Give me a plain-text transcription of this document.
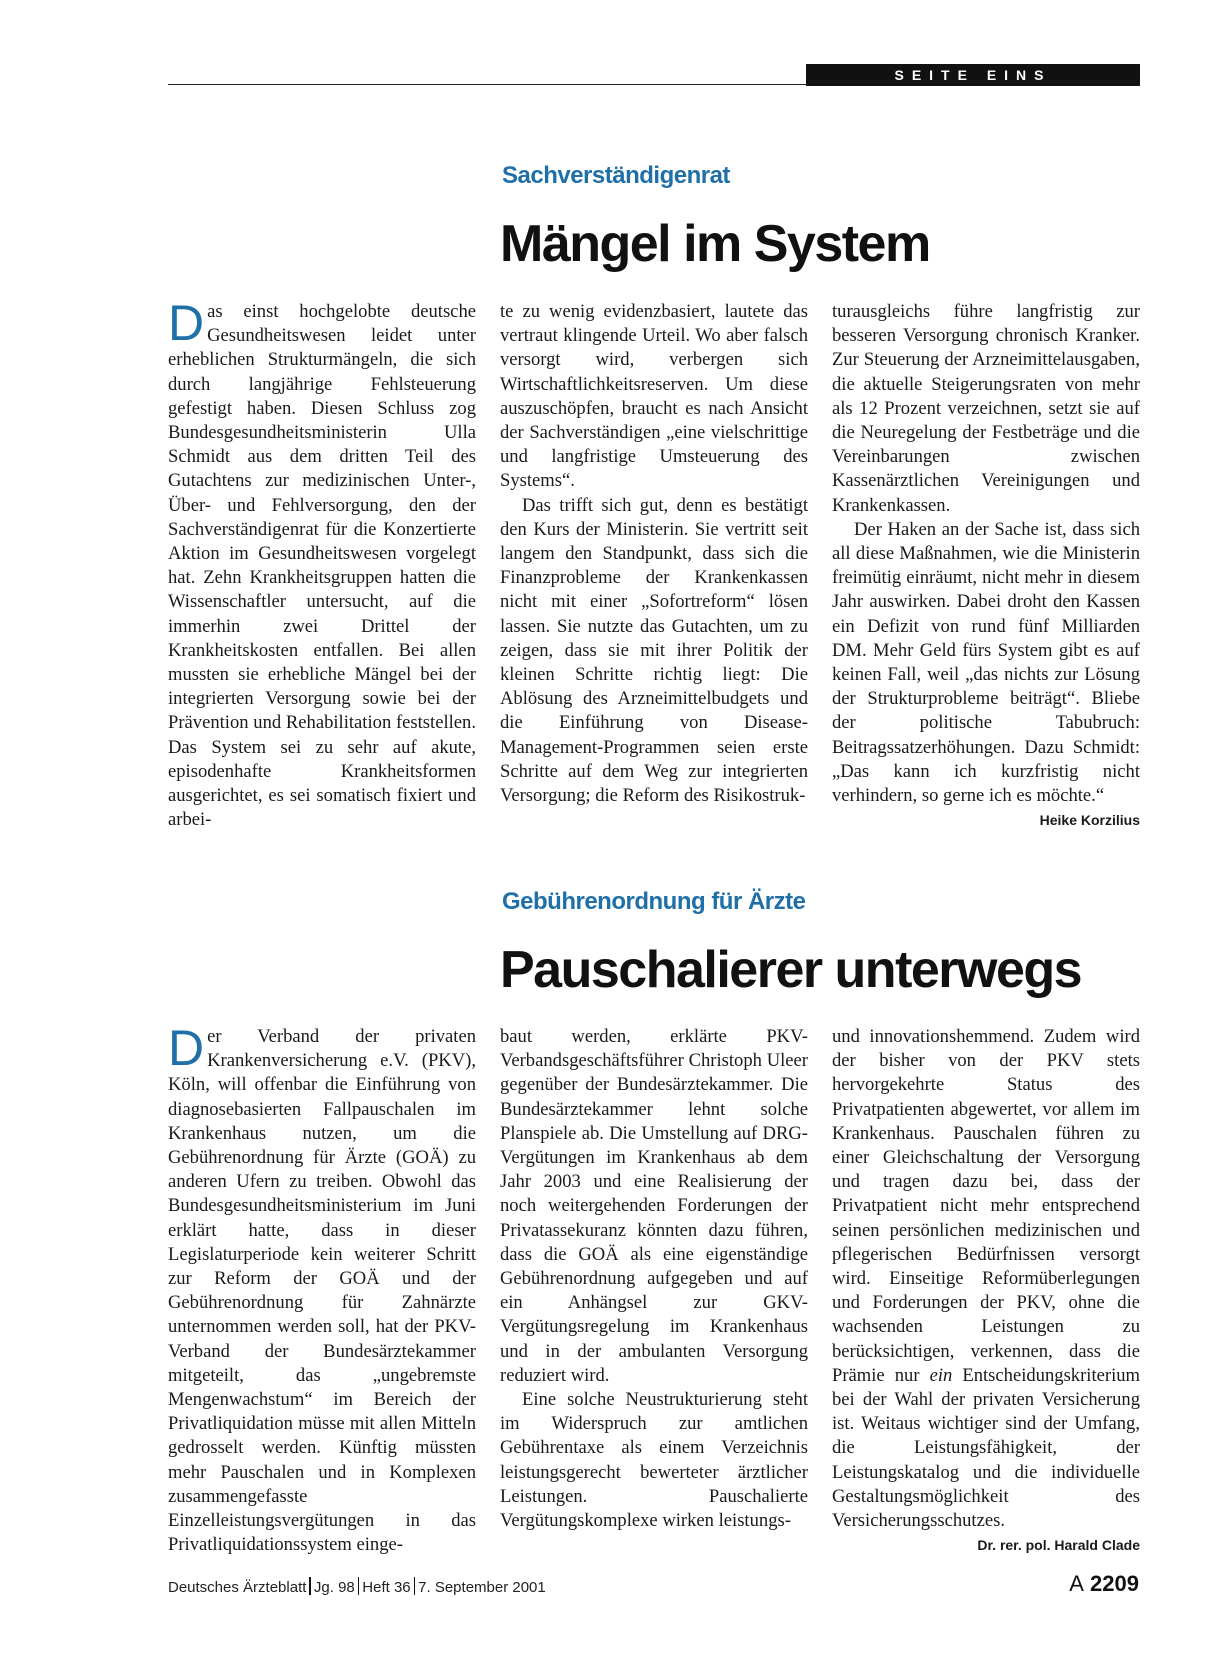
SEITE EINS
Sachverständigenrat
Mängel im System

Das einst hochgelobte deutsche Gesundheitswesen leidet unter erheblichen Strukturmängeln, die sich durch langjährige Fehlsteuerung gefestigt haben. Diesen Schluss zog Bundesgesundheitsministerin Ulla Schmidt aus dem dritten Teil des Gutachtens zur medizinischen Unter-, Über- und Fehlversorgung, den der Sachverständigenrat für die Konzertierte Aktion im Gesundheitswesen vorgelegt hat. Zehn Krankheitsgruppen hatten die Wissenschaftler untersucht, auf die immerhin zwei Drittel der Krankheitskosten entfallen. Bei allen mussten sie erhebliche Mängel bei der integrierten Versorgung sowie bei der Prävention und Rehabilitation feststellen. Das System sei zu sehr auf akute, episodenhafte Krankheitsformen ausgerichtet, es sei somatisch fixiert und arbei-

te zu wenig evidenzbasiert, lautete das vertraut klingende Urteil. Wo aber falsch versorgt wird, verbergen sich Wirtschaftlichkeitsreserven. Um diese auszuschöpfen, braucht es nach Ansicht der Sachverständigen „eine vielschrittige und langfristige Umsteuerung des Systems“.

Das trifft sich gut, denn es bestätigt den Kurs der Ministerin. Sie vertritt seit langem den Standpunkt, dass sich die Finanzprobleme der Krankenkassen nicht mit einer „Sofortreform“ lösen lassen. Sie nutzte das Gutachten, um zu zeigen, dass sie mit ihrer Politik der kleinen Schritte richtig liegt: Die Ablösung des Arzneimittelbudgets und die Einführung von Disease-Management-Programmen seien erste Schritte auf dem Weg zur integrierten Versorgung; die Reform des Risikostruk-

turausgleichs führe langfristig zur besseren Versorgung chronisch Kranker. Zur Steuerung der Arzneimittelausgaben, die aktuelle Steigerungsraten von mehr als 12 Prozent verzeichnen, setzt sie auf die Neuregelung der Festbeträge und die Vereinbarungen zwischen Kassenärztlichen Vereinigungen und Krankenkassen.

Der Haken an der Sache ist, dass sich all diese Maßnahmen, wie die Ministerin freimütig einräumt, nicht mehr in diesem Jahr auswirken. Dabei droht den Kassen ein Defizit von rund fünf Milliarden DM. Mehr Geld fürs System gibt es auf keinen Fall, weil „das nichts zur Lösung der Strukturprobleme beiträgt“. Bliebe der politische Tabubruch: Beitragssatzerhöhungen. Dazu Schmidt: „Das kann ich kurzfristig nicht verhindern, so gerne ich es möchte.“
Heike Korzilius

Gebührenordnung für Ärzte
Pauschalierer unterwegs

Der Verband der privaten Krankenversicherung e.V. (PKV), Köln, will offenbar die Einführung von diagnosebasierten Fallpauschalen im Krankenhaus nutzen, um die Gebührenordnung für Ärzte (GOÄ) zu anderen Ufern zu treiben. Obwohl das Bundesgesundheitsministerium im Juni erklärt hatte, dass in dieser Legislaturperiode kein weiterer Schritt zur Reform der GOÄ und der Gebührenordnung für Zahnärzte unternommen werden soll, hat der PKV-Verband der Bundesärztekammer mitgeteilt, das „ungebremste Mengenwachstum“ im Bereich der Privatliquidation müsse mit allen Mitteln gedrosselt werden. Künftig müssten mehr Pauschalen und in Komplexen zusammengefasste Einzelleistungsvergütungen in das Privatliquidationssystem einge-

baut werden, erklärte PKV-Verbandsgeschäftsführer Christoph Uleer gegenüber der Bundesärztekammer. Die Bundesärztekammer lehnt solche Planspiele ab. Die Umstellung auf DRG-Vergütungen im Krankenhaus ab dem Jahr 2003 und eine Realisierung der noch weitergehenden Forderungen der Privatassekuranz könnten dazu führen, dass die GOÄ als eine eigenständige Gebührenordnung aufgegeben und auf ein Anhängsel zur GKV-Vergütungsregelung im Krankenhaus und in der ambulanten Versorgung reduziert wird.

Eine solche Neustrukturierung steht im Widerspruch zur amtlichen Gebührentaxe als einem Verzeichnis leistungsgerecht bewerteter ärztlicher Leistungen. Pauschalierte Vergütungskomplexe wirken leistungs-

und innovationshemmend. Zudem wird der bisher von der PKV stets hervorgekehrte Status des Privatpatienten abgewertet, vor allem im Krankenhaus. Pauschalen führen zu einer Gleichschaltung der Versorgung und tragen dazu bei, dass der Privatpatient nicht mehr entsprechend seinen persönlichen medizinischen und pflegerischen Bedürfnissen versorgt wird. Einseitige Reformüberlegungen und Forderungen der PKV, ohne die wachsenden Leistungen zu berücksichtigen, verkennen, dass die Prämie nur ein Entscheidungskriterium bei der Wahl der privaten Versicherung ist. Weitaus wichtiger sind der Umfang, die Leistungsfähigkeit, der Leistungskatalog und die individuelle Gestaltungsmöglichkeit des Versicherungsschutzes.
Dr. rer. pol. Harald Clade

Deutsches Ärzteblatt Jg. 98 Heft 36 7. September 2001	A 2209
